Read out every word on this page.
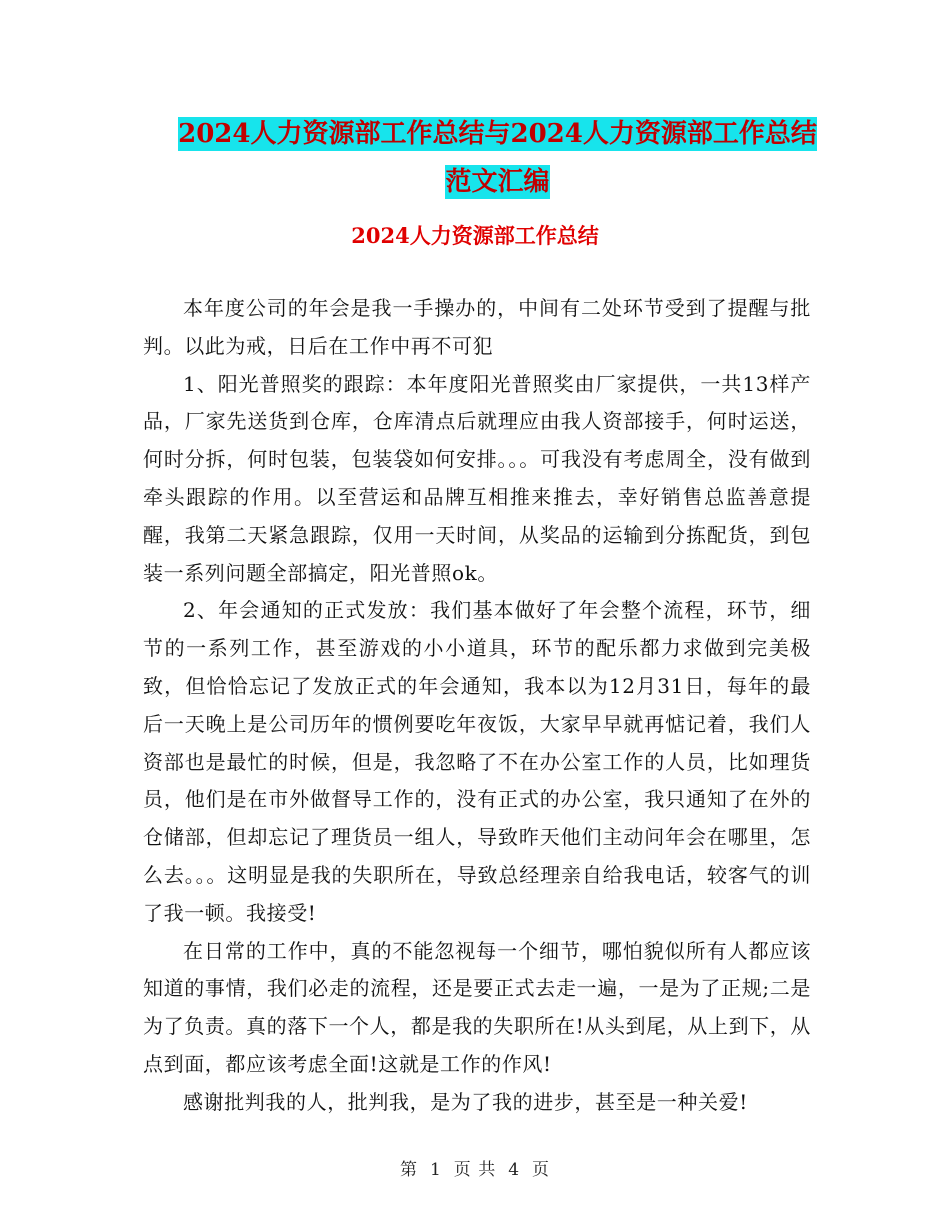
2024人力资源部工作总结与2024人力资源部工作总结
范文汇编
2024人力资源部工作总结

本年度公司的年会是我一手操办的，中间有二处环节受到了提醒与批判。以此为戒，日后在工作中再不可犯

1、阳光普照奖的跟踪：本年度阳光普照奖由厂家提供，一共13样产品，厂家先送货到仓库，仓库清点后就理应由我人资部接手，何时运送，何时分拆，何时包装，包装袋如何安排。。。可我没有考虑周全，没有做到牵头跟踪的作用。以至营运和品牌互相推来推去，幸好销售总监善意提醒，我第二天紧急跟踪，仅用一天时间，从奖品的运输到分拣配货，到包装一系列问题全部搞定，阳光普照ok。

2、年会通知的正式发放：我们基本做好了年会整个流程，环节，细节的一系列工作，甚至游戏的小小道具，环节的配乐都力求做到完美极致，但恰恰忘记了发放正式的年会通知，我本以为12月31日，每年的最后一天晚上是公司历年的惯例要吃年夜饭，大家早早就再惦记着，我们人资部也是最忙的时候，但是，我忽略了不在办公室工作的人员，比如理货员，他们是在市外做督导工作的，没有正式的办公室，我只通知了在外的仓储部，但却忘记了理货员一组人，导致昨天他们主动问年会在哪里，怎么去。。。这明显是我的失职所在，导致总经理亲自给我电话，较客气的训了我一顿。我接受!

在日常的工作中，真的不能忽视每一个细节，哪怕貌似所有人都应该知道的事情，我们必走的流程，还是要正式去走一遍，一是为了正规;二是为了负责。真的落下一个人，都是我的失职所在!从头到尾，从上到下，从点到面，都应该考虑全面!这就是工作的作风!

感谢批判我的人，批判我，是为了我的进步，甚至是一种关爱!

第 1 页 共 4 页
